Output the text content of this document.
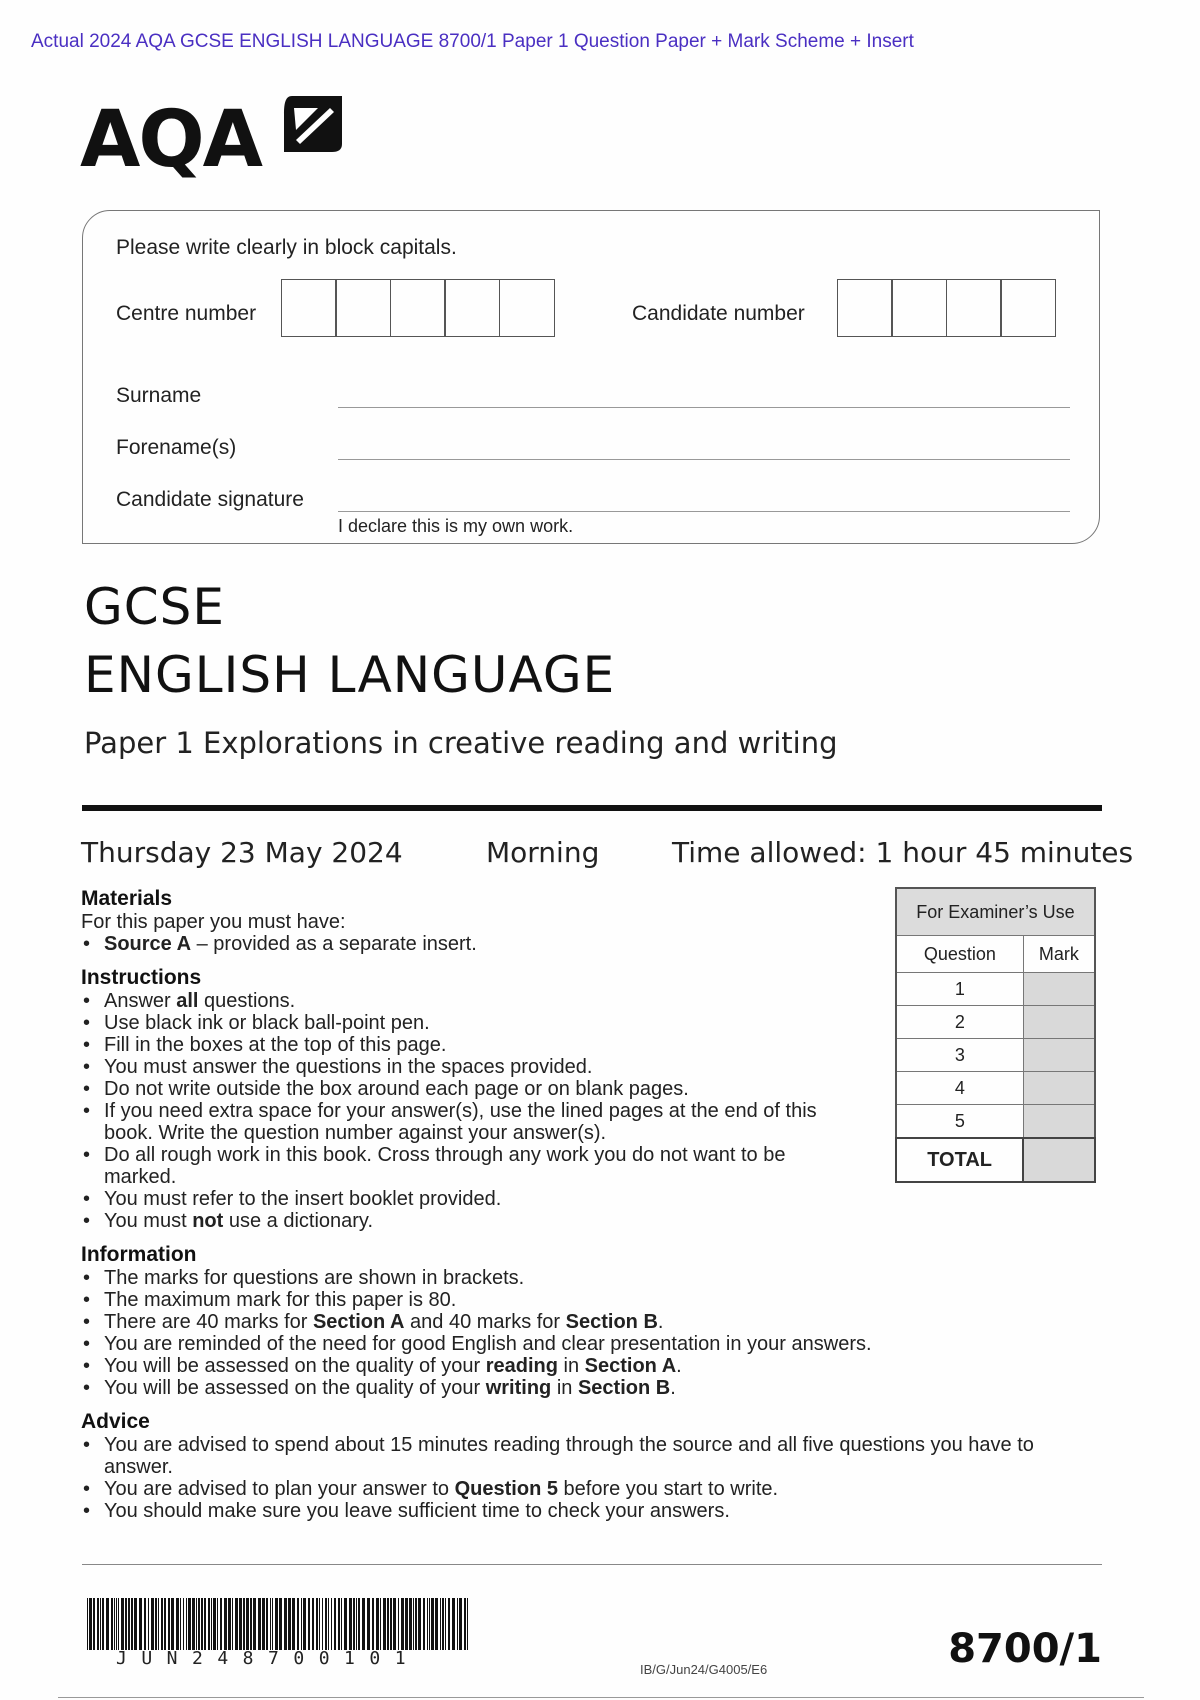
Actual 2024 AQA GCSE ENGLISH LANGUAGE 8700/1 Paper 1 Question Paper + Mark Scheme + Insert
AQA
Please write clearly in block capitals.
Centre number	Candidate number
Surname
Forename(s)
Candidate signature
I declare this is my own work.
GCSE
ENGLISH LANGUAGE
Paper 1 Explorations in creative reading and writing
Thursday 23 May 2024	Morning	Time allowed: 1 hour 45 minutes
Materials

For this paper you must have:

• Source A – provided as a separate insert.
Instructions
• Answer all questions.
• Use black ink or black ball-point pen.
• Fill in the boxes at the top of this page.
• You must answer the questions in the spaces provided.
• Do not write outside the box around each page or on blank pages.
• If you need extra space for your answer(s), use the lined pages at the end of this book. Write the question number against your answer(s).
• Do all rough work in this book. Cross through any work you do not want to be marked.
• You must refer to the insert booklet provided.
• You must not use a dictionary.
Information
• The marks for questions are shown in brackets.
• The maximum mark for this paper is 80.
• There are 40 marks for Section A and 40 marks for Section B.
• You are reminded of the need for good English and clear presentation in your answers.
• You will be assessed on the quality of your reading in Section A.
• You will be assessed on the quality of your writing in Section B.
Advice
• You are advised to spend about 15 minutes reading through the source and all five questions you have to answer.
• You are advised to plan your answer to Question 5 before you start to write.
• You should make sure you leave sufficient time to check your answers.
For Examiner’s Use	
Question	Mark
1	
2	
3	
4	
5	
TOTAL	
JUN248700101
IB/G/Jun24/G4005/E6	8700/1
